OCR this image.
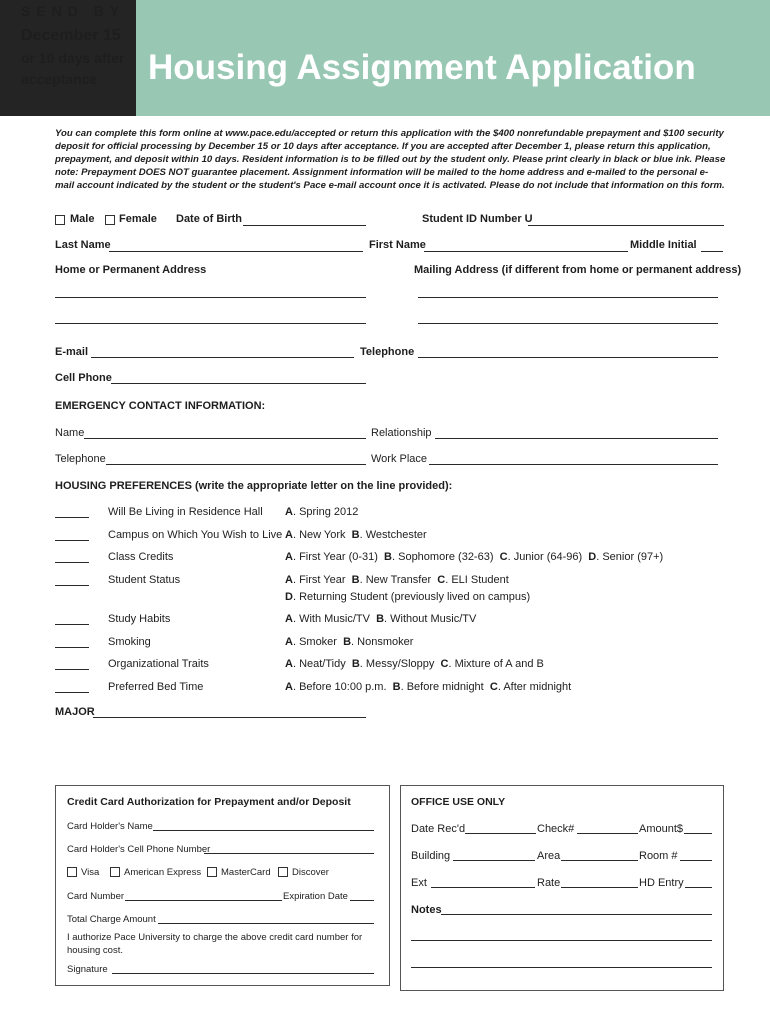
SEND BY
December 15
or 10 days after
acceptance Housing Assignment Application
You can complete this form online at www.pace.edu/accepted or return this application with the $400 nonrefundable prepayment and $100 security deposit for official processing by December 15 or 10 days after acceptance. If you are accepted after December 1, please return this application, prepayment, and deposit within 10 days. Resident information is to be filled out by the student only. Please print clearly in black or blue ink. Please note: Prepayment DOES NOT guarantee placement. Assignment information will be mailed to the home address and e-mailed to the personal e-mail account indicated by the student or the student's Pace e-mail account once it is activated. Please do not include that information on this form.
Male Female Date of Birth	Student ID Number U
Last Name	First Name	Middle Initial
Home or Permanent Address	Mailing Address (if different from home or permanent address)
E-mail	Telephone
Cell Phone
EMERGENCY CONTACT INFORMATION:
Name	Relationship
Telephone	Work Place
HOUSING PREFERENCES (write the appropriate letter on the line provided):
Will Be Living in Residence Hall A. Spring 2012
Campus on Which You Wish to Live A. New York  B. Westchester
Class Credits	A. First Year (0-31)  B. Sophomore (32-63)  C. Junior (64-96)  D. Senior (97+)
Student Status	A. First Year  B. New Transfer  C. ELI Student
D. Returning Student (previously lived on campus)
Study Habits	A. With Music/TV  B. Without Music/TV
Smoking	A. Smoker  B. Nonsmoker
Organizational Traits	A. Neat/Tidy  B. Messy/Sloppy  C. Mixture of A and B
Preferred Bed Time	A. Before 10:00 p.m.  B. Before midnight  C. After midnight
MAJOR
Credit Card Authorization for Prepayment and/or Deposit
Card Holder's Name
Card Holder's Cell Phone Number
Visa	American Express MasterCard Discover
Card Number	Expiration Date
Total Charge Amount
I authorize Pace University to charge the above credit card number for
housing cost.
Signature
OFFICE USE ONLY
Date Rec'd	Check#	Amount$
Building	Area	Room #
Ext	Rate	HD Entry
Notes
